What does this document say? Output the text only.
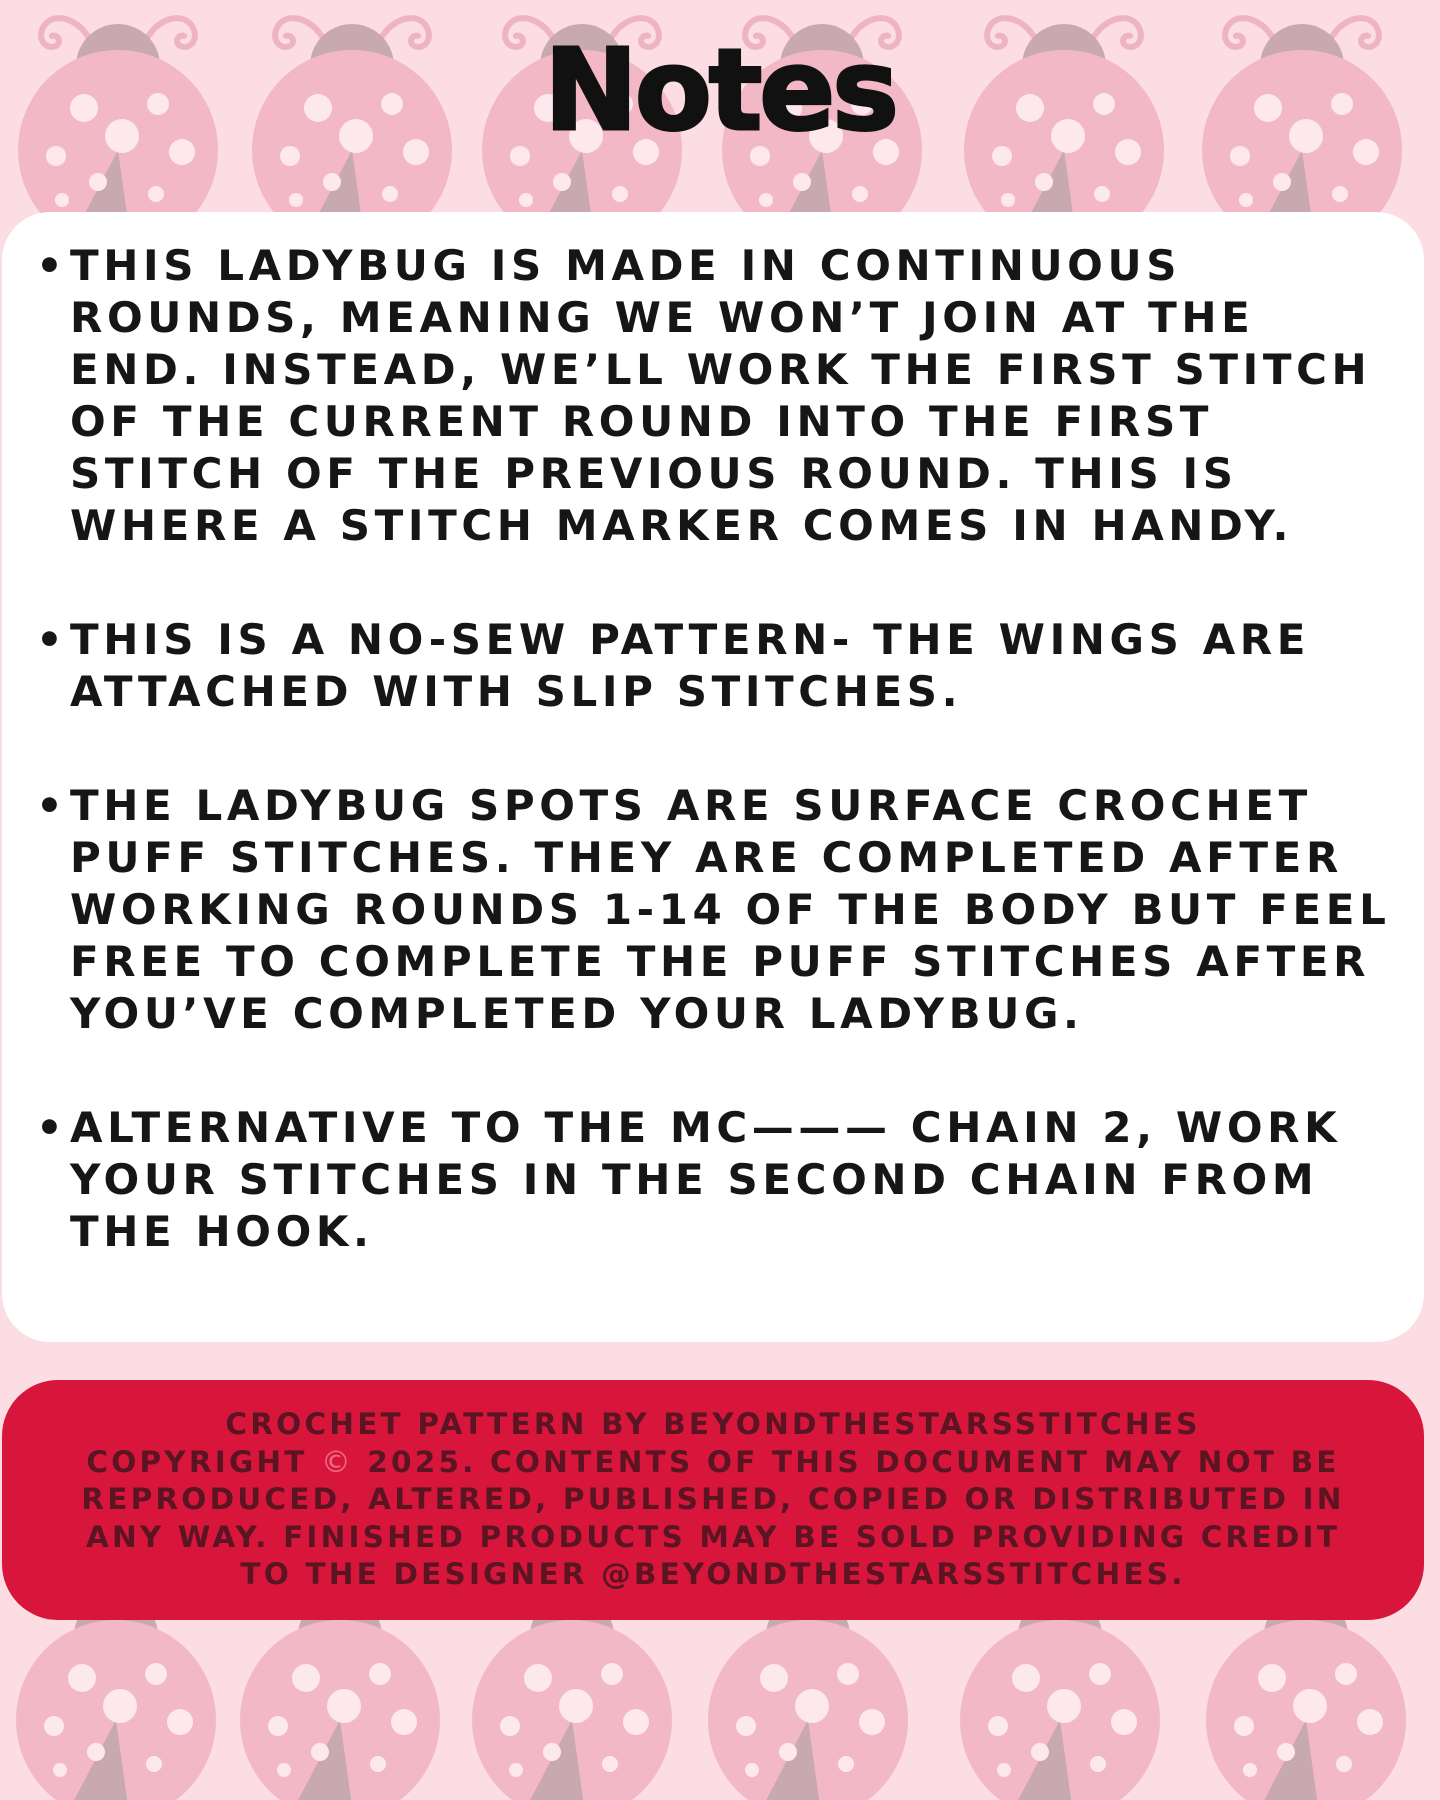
Notes
• THIS LADYBUG IS MADE IN CONTINUOUS ROUNDS, MEANING WE WON’T JOIN AT THE END. INSTEAD, WE’LL WORK THE FIRST STITCH OF THE CURRENT ROUND INTO THE FIRST STITCH OF THE PREVIOUS ROUND. THIS IS WHERE A STITCH MARKER COMES IN HANDY.
• THIS IS A NO-SEW PATTERN- THE WINGS ARE ATTACHED WITH SLIP STITCHES.
• THE LADYBUG SPOTS ARE SURFACE CROCHET PUFF STITCHES. THEY ARE COMPLETED AFTER WORKING ROUNDS 1-14 OF THE BODY BUT FEEL FREE TO COMPLETE THE PUFF STITCHES AFTER YOU’VE COMPLETED YOUR LADYBUG.
• ALTERNATIVE TO THE MC——— CHAIN 2, WORK YOUR STITCHES IN THE SECOND CHAIN FROM THE HOOK.

CROCHET PATTERN BY BEYONDTHESTARSSTITCHES
COPYRIGHT © 2025. CONTENTS OF THIS DOCUMENT MAY NOT BE
REPRODUCED, ALTERED, PUBLISHED, COPIED OR DISTRIBUTED IN
ANY WAY. FINISHED PRODUCTS MAY BE SOLD PROVIDING CREDIT
TO THE DESIGNER @BEYONDTHESTARSSTITCHES.
